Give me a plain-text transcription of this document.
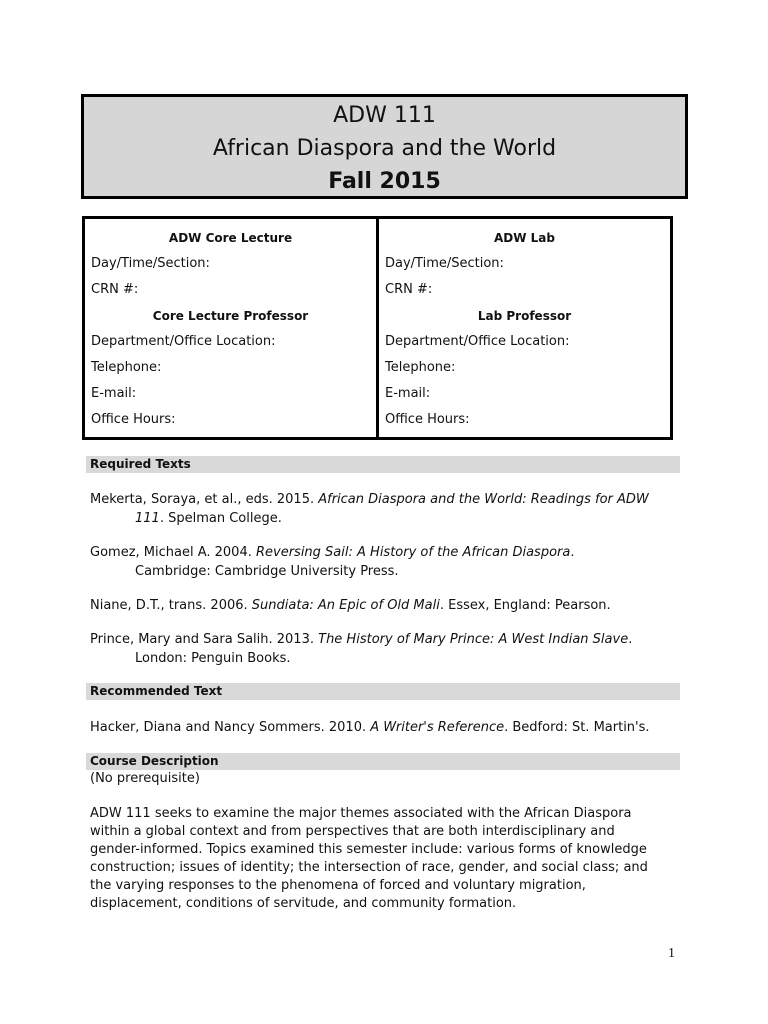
ADW 111
African Diaspora and the World
Fall 2015
ADW Core Lecture
Day/Time/Section:
CRN #:
Core Lecture Professor
Department/Office Location:
Telephone:
E-mail:
Office Hours:
ADW Lab
Day/Time/Section:
CRN #:
Lab Professor
Department/Office Location:
Telephone:
E-mail:
Office Hours:
Required Texts
Mekerta, Soraya, et al., eds. 2015. African Diaspora and the World: Readings for ADW
111. Spelman College.
Gomez, Michael A. 2004. Reversing Sail: A History of the African Diaspora.
Cambridge: Cambridge University Press.
Niane, D.T., trans. 2006. Sundiata: An Epic of Old Mali. Essex, England: Pearson.
Prince, Mary and Sara Salih. 2013. The History of Mary Prince: A West Indian Slave.
London: Penguin Books.
Recommended Text
Hacker, Diana and Nancy Sommers. 2010. A Writer's Reference. Bedford: St. Martin's.
Course Description
(No prerequisite)
ADW 111 seeks to examine the major themes associated with the African Diaspora
within a global context and from perspectives that are both interdisciplinary and
gender-informed. Topics examined this semester include: various forms of knowledge
construction; issues of identity; the intersection of race, gender, and social class; and
the varying responses to the phenomena of forced and voluntary migration,
displacement, conditions of servitude, and community formation.
1
